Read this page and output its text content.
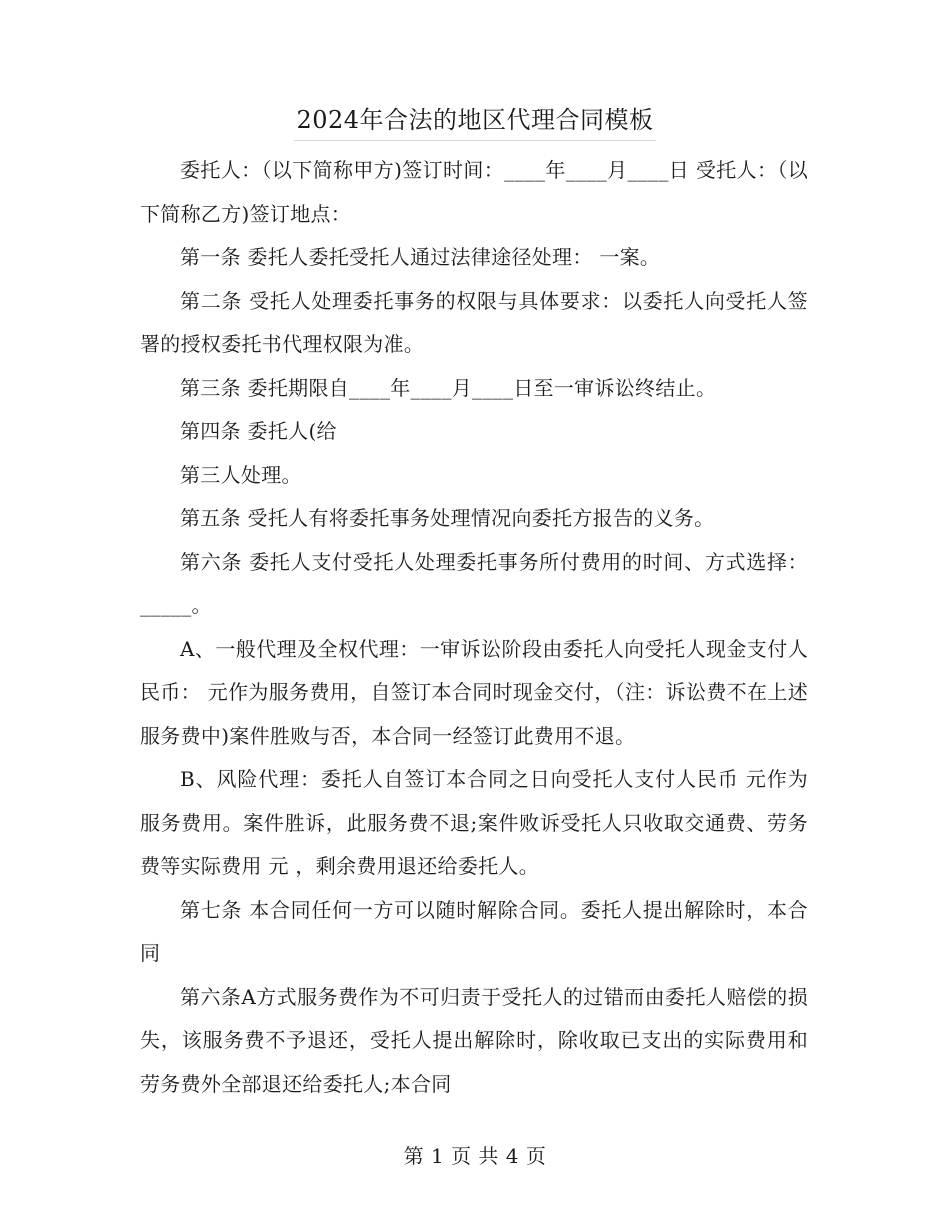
2024年合法的地区代理合同模板

委托人：（以下简称甲方)签订时间：____年____月____日 受托人：（以下简称乙方)签订地点：

第一条 委托人委托受托人通过法律途径处理： 一案。

第二条 受托人处理委托事务的权限与具体要求：以委托人向受托人签署的授权委托书代理权限为准。

第三条 委托期限自____年____月____日至一审诉讼终结止。

第四条 委托人(给

第三人处理。

第五条 受托人有将委托事务处理情况向委托方报告的义务。

第六条 委托人支付受托人处理委托事务所付费用的时间、方式选择： _____。

A、一般代理及全权代理：一审诉讼阶段由委托人向受托人现金支付人民币： 元作为服务费用，自签订本合同时现金交付，（注：诉讼费不在上述服务费中)案件胜败与否，本合同一经签订此费用不退。

B、风险代理：委托人自签订本合同之日向受托人支付人民币 元作为服务费用。案件胜诉，此服务费不退;案件败诉受托人只收取交通费、劳务费等实际费用 元 ，剩余费用退还给委托人。

第七条 本合同任何一方可以随时解除合同。委托人提出解除时，本合同

第六条A方式服务费作为不可归责于受托人的过错而由委托人赔偿的损失，该服务费不予退还，受托人提出解除时，除收取已支出的实际费用和劳务费外全部退还给委托人;本合同

第 1 页 共 4 页
